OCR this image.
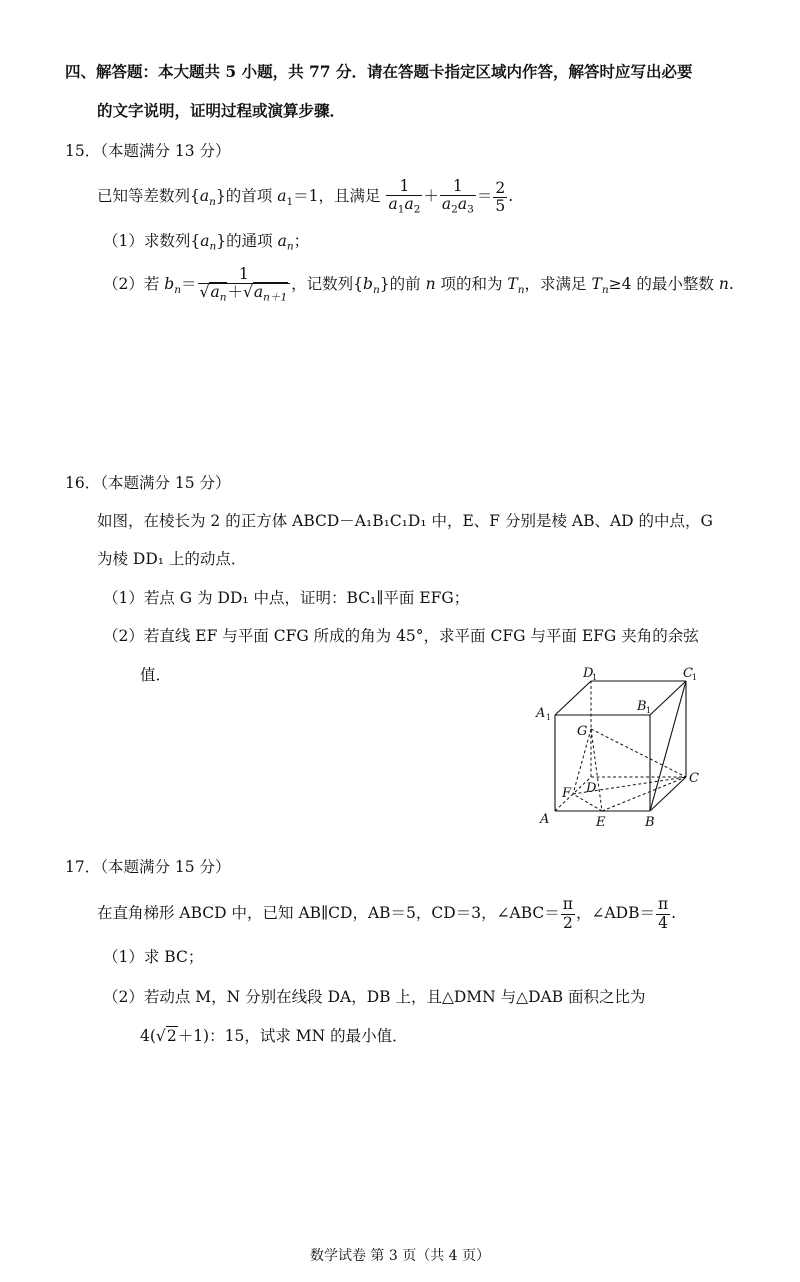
四、解答题：本大题共 5 小题，共 77 分．请在答题卡指定区域内作答，解答时应写出必要
的文字说明，证明过程或演算步骤．
15．（本题满分 13 分）
已知等差数列$\{a_n\}$的首项 $a_1=1$，且满足 $\frac{1}{a_1a_2} + \frac{1}{a_2a_3} = \frac{2}{5}$ .
（1）求数列$\{a_n\}$的通项 $a_n$；
（2）若 $b_n= \frac{1}{√a_n+√a_{n+1}}$ ，记数列$\{b_n\}$的前 n 项的和为 $T_n$，求满足 $T_n\ge 4$ 的最小整数 n.
16．（本题满分 15 分）
如图，在棱长为 2 的正方体 ABCD－A₁B₁C₁D₁ 中，E、F 分别是棱 AB、AD 的中点，G
为棱 DD₁ 上的动点．
（1）若点 G 为 DD₁ 中点，证明：BC₁∥平面 EFG；
（2）若直线 EF 与平面 CFG 所成的角为 45°，求平面 CFG 与平面 EFG 夹角的余弦
值．
A	E	B
C
D
F
G
A 1
B 1
C 1
D
1
17．（本题满分 15 分）
在直角梯形 ABCD 中，已知 AB∥CD，AB＝5，CD＝3，∠ABC＝ $\frac{\pi}{2}$ ，∠ADB＝ $\frac{\pi}{4}$ .
（1）求 BC；
（2）若动点 M，N 分别在线段 DA，DB 上，且△DMN 与△DAB 面积之比为
4(√2＋1)：15，试求 MN 的最小值．
数学试卷 第 3 页（共 4 页）
